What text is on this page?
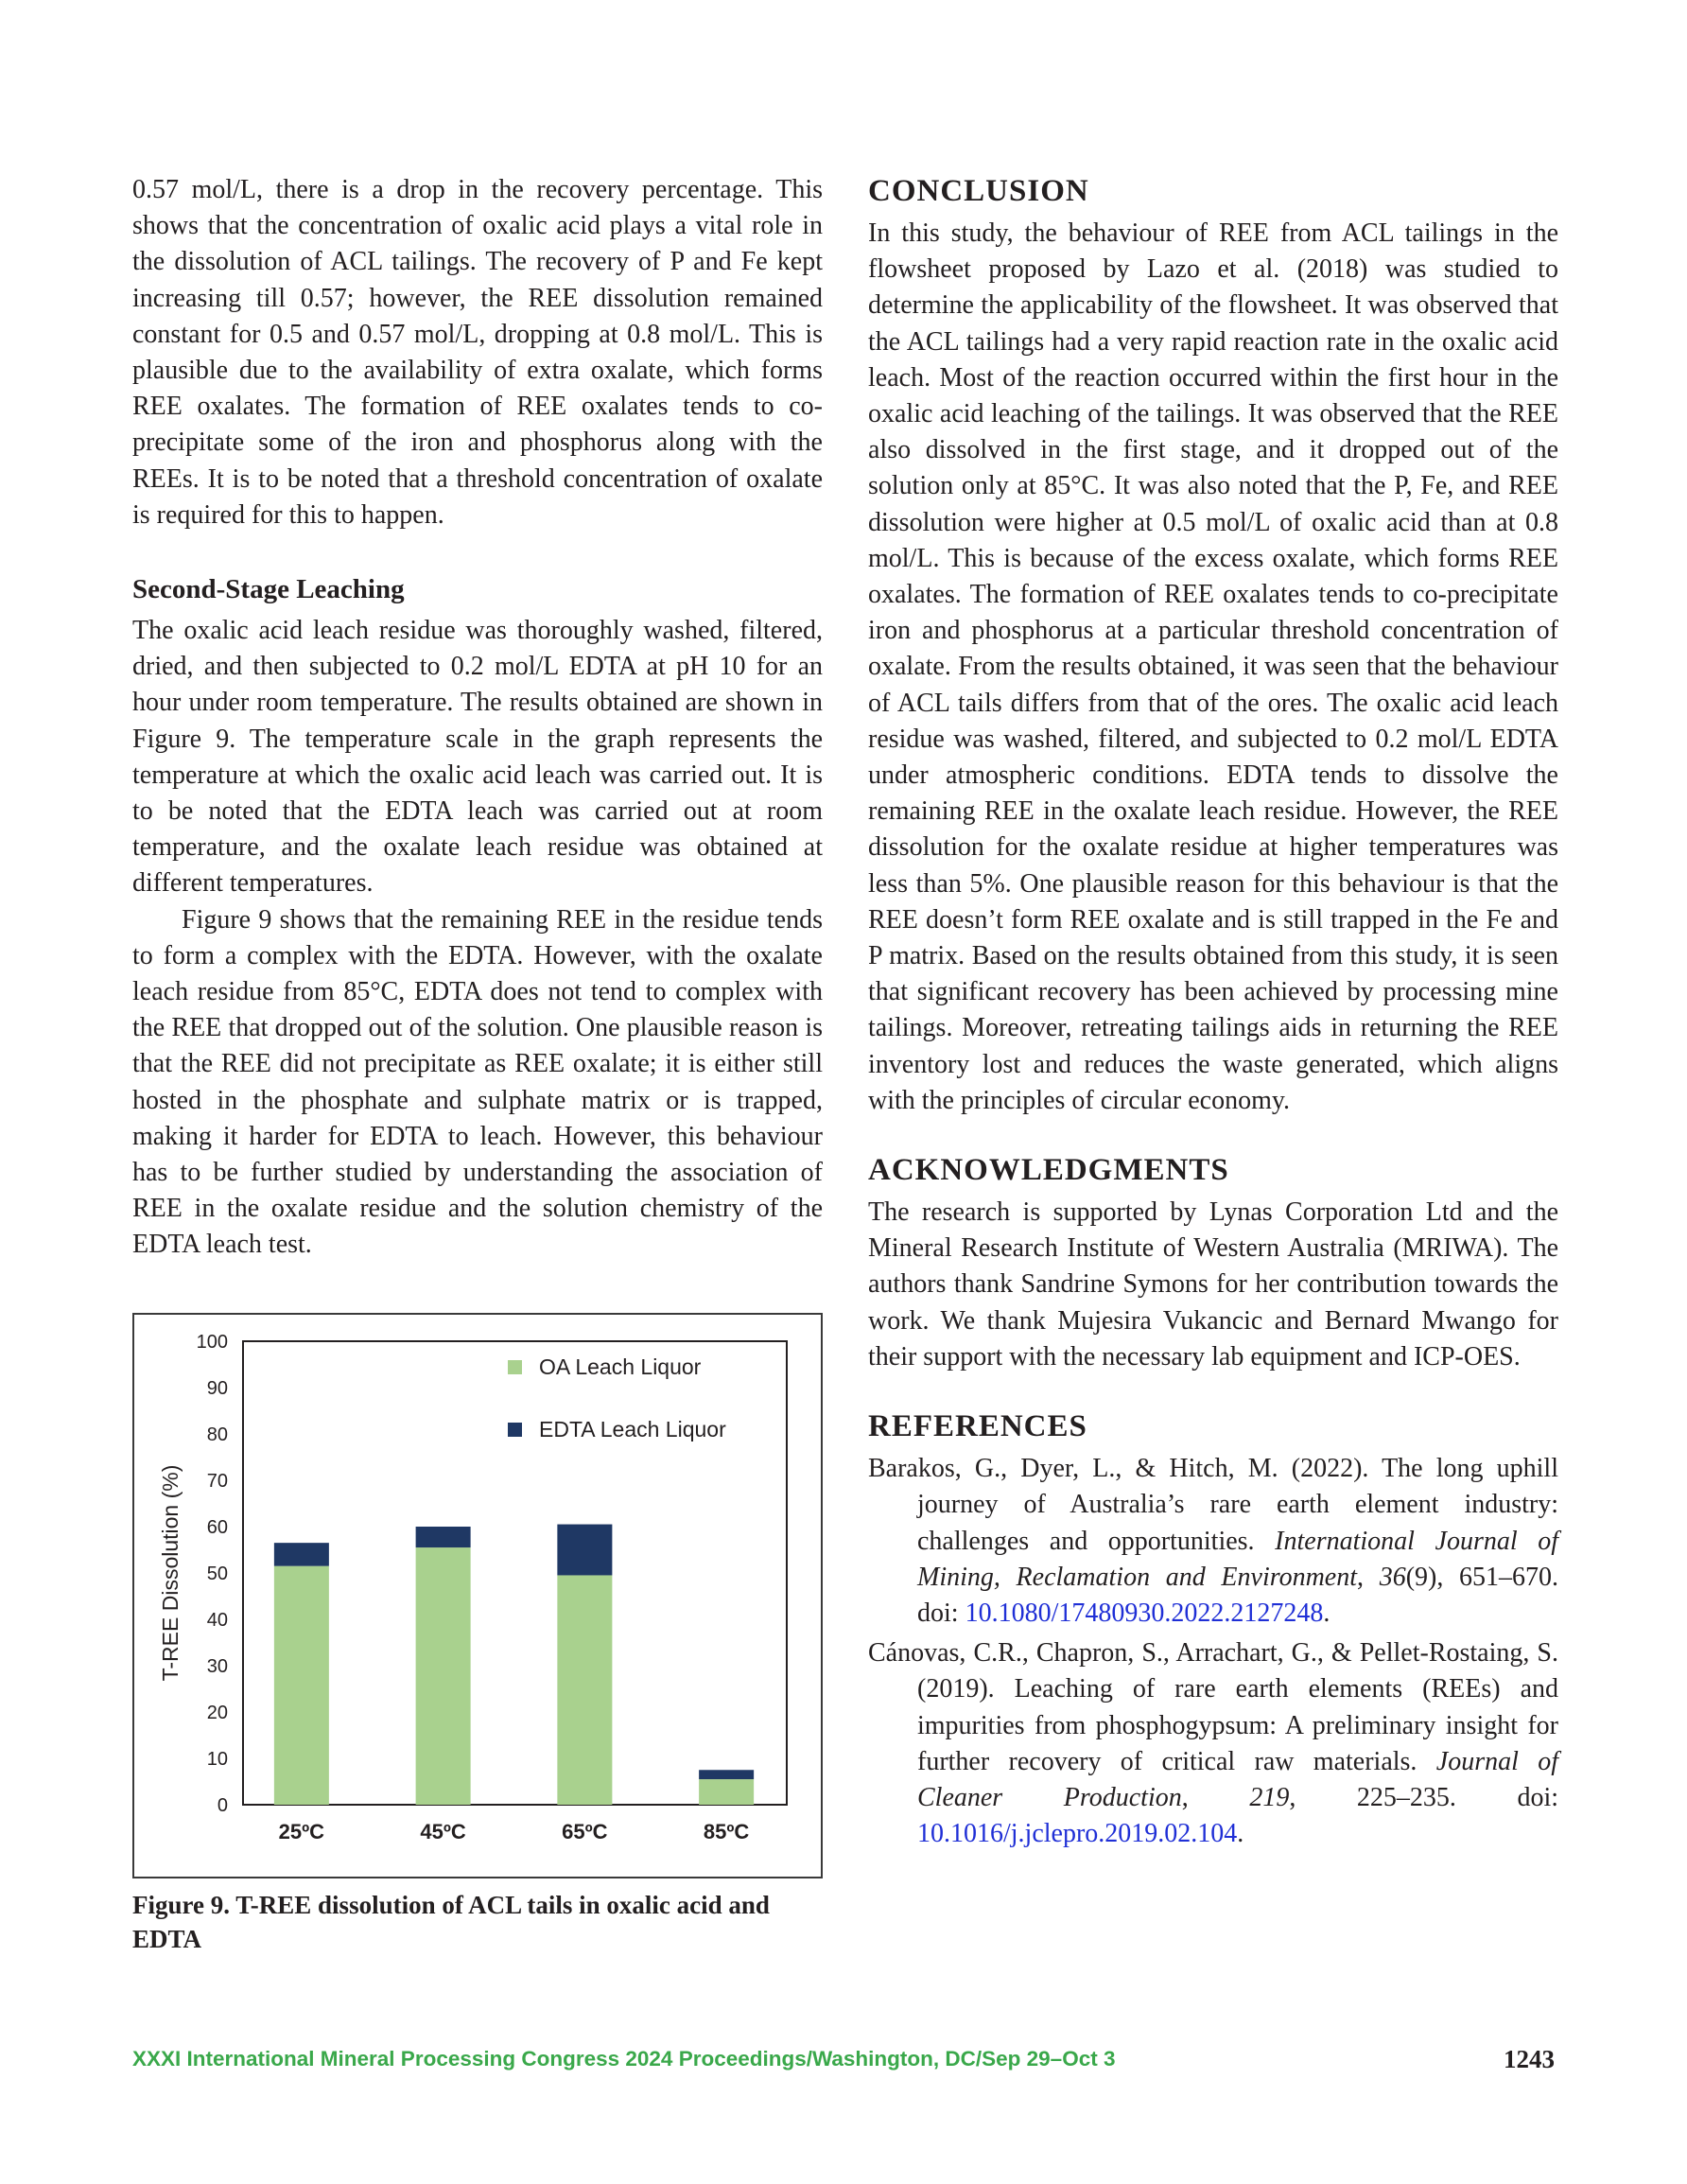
0.57 mol/L, there is a drop in the recovery percentage. This shows that the concentration of oxalic acid plays a vital role in the dissolution of ACL tailings. The recovery of P and Fe kept increasing till 0.57; however, the REE dissolution remained constant for 0.5 and 0.57 mol/L, dropping at 0.8 mol/L. This is plausible due to the availability of extra oxalate, which forms REE oxalates. The formation of REE oxalates tends to co-precipitate some of the iron and phosphorus along with the REEs. It is to be noted that a threshold concentration of oxalate is required for this to happen.

Second-Stage Leaching

The oxalic acid leach residue was thoroughly washed, filtered, dried, and then subjected to 0.2 mol/L EDTA at pH 10 for an hour under room temperature. The results obtained are shown in Figure 9. The temperature scale in the graph represents the temperature at which the oxalic acid leach was carried out. It is to be noted that the EDTA leach was carried out at room temperature, and the oxalate leach residue was obtained at different temperatures.

Figure 9 shows that the remaining REE in the residue tends to form a complex with the EDTA. However, with the oxalate leach residue from 85°C, EDTA does not tend to complex with the REE that dropped out of the solution. One plausible reason is that the REE did not precipitate as REE oxalate; it is either still hosted in the phosphate and sulphate matrix or is trapped, making it harder for EDTA to leach. However, this behaviour has to be further studied by understanding the association of REE in the oxalate residue and the solution chemistry of the EDTA leach test.

0
10
20
30
40
50
60
70
80
90
100
T-REE Dissolution (%)
25ºC	45ºC	65ºC	85ºC
OA Leach Liquor
EDTA Leach Liquor

Figure 9. T-REE dissolution of ACL tails in oxalic acid and EDTA

CONCLUSION

In this study, the behaviour of REE from ACL tailings in the flowsheet proposed by Lazo et al. (2018) was studied to determine the applicability of the flowsheet. It was observed that the ACL tailings had a very rapid reaction rate in the oxalic acid leach. Most of the reaction occurred within the first hour in the oxalic acid leaching of the tailings. It was observed that the REE also dissolved in the first stage, and it dropped out of the solution only at 85°C. It was also noted that the P, Fe, and REE dissolution were higher at 0.5 mol/L of oxalic acid than at 0.8 mol/L. This is because of the excess oxalate, which forms REE oxalates. The formation of REE oxalates tends to co-precipitate iron and phosphorus at a particular threshold concentration of oxalate. From the results obtained, it was seen that the behaviour of ACL tails differs from that of the ores. The oxalic acid leach residue was washed, filtered, and subjected to 0.2 mol/L EDTA under atmospheric conditions. EDTA tends to dissolve the remaining REE in the oxalate leach residue. However, the REE dissolution for the oxalate residue at higher temperatures was less than 5%. One plausible reason for this behaviour is that the REE doesn’t form REE oxalate and is still trapped in the Fe and P matrix. Based on the results obtained from this study, it is seen that significant recovery has been achieved by processing mine tailings. Moreover, retreating tailings aids in returning the REE inventory lost and reduces the waste generated, which aligns with the principles of circular economy.

ACKNOWLEDGMENTS

The research is supported by Lynas Corporation Ltd and the Mineral Research Institute of Western Australia (MRIWA). The authors thank Sandrine Symons for her contribution towards the work. We thank Mujesira Vukancic and Bernard Mwango for their support with the necessary lab equipment and ICP-OES.

REFERENCES

Barakos, G., Dyer, L., & Hitch, M. (2022). The long uphill journey of Australia’s rare earth element industry: challenges and opportunities. International Journal of Mining, Reclamation and Environment, 36(9), 651–670. doi: 10.1080/17480930.2022.2127248.

Cánovas, C.R., Chapron, S., Arrachart, G., & Pellet-Rostaing, S. (2019). Leaching of rare earth elements (REEs) and impurities from phosphogypsum: A preliminary insight for further recovery of critical raw materials. Journal of Cleaner Production, 219, 225–235. doi: 10.1016/j.jclepro.2019.02.104.

XXXI International Mineral Processing Congress 2024 Proceedings/Washington, DC/Sep 29–Oct 3	1243
